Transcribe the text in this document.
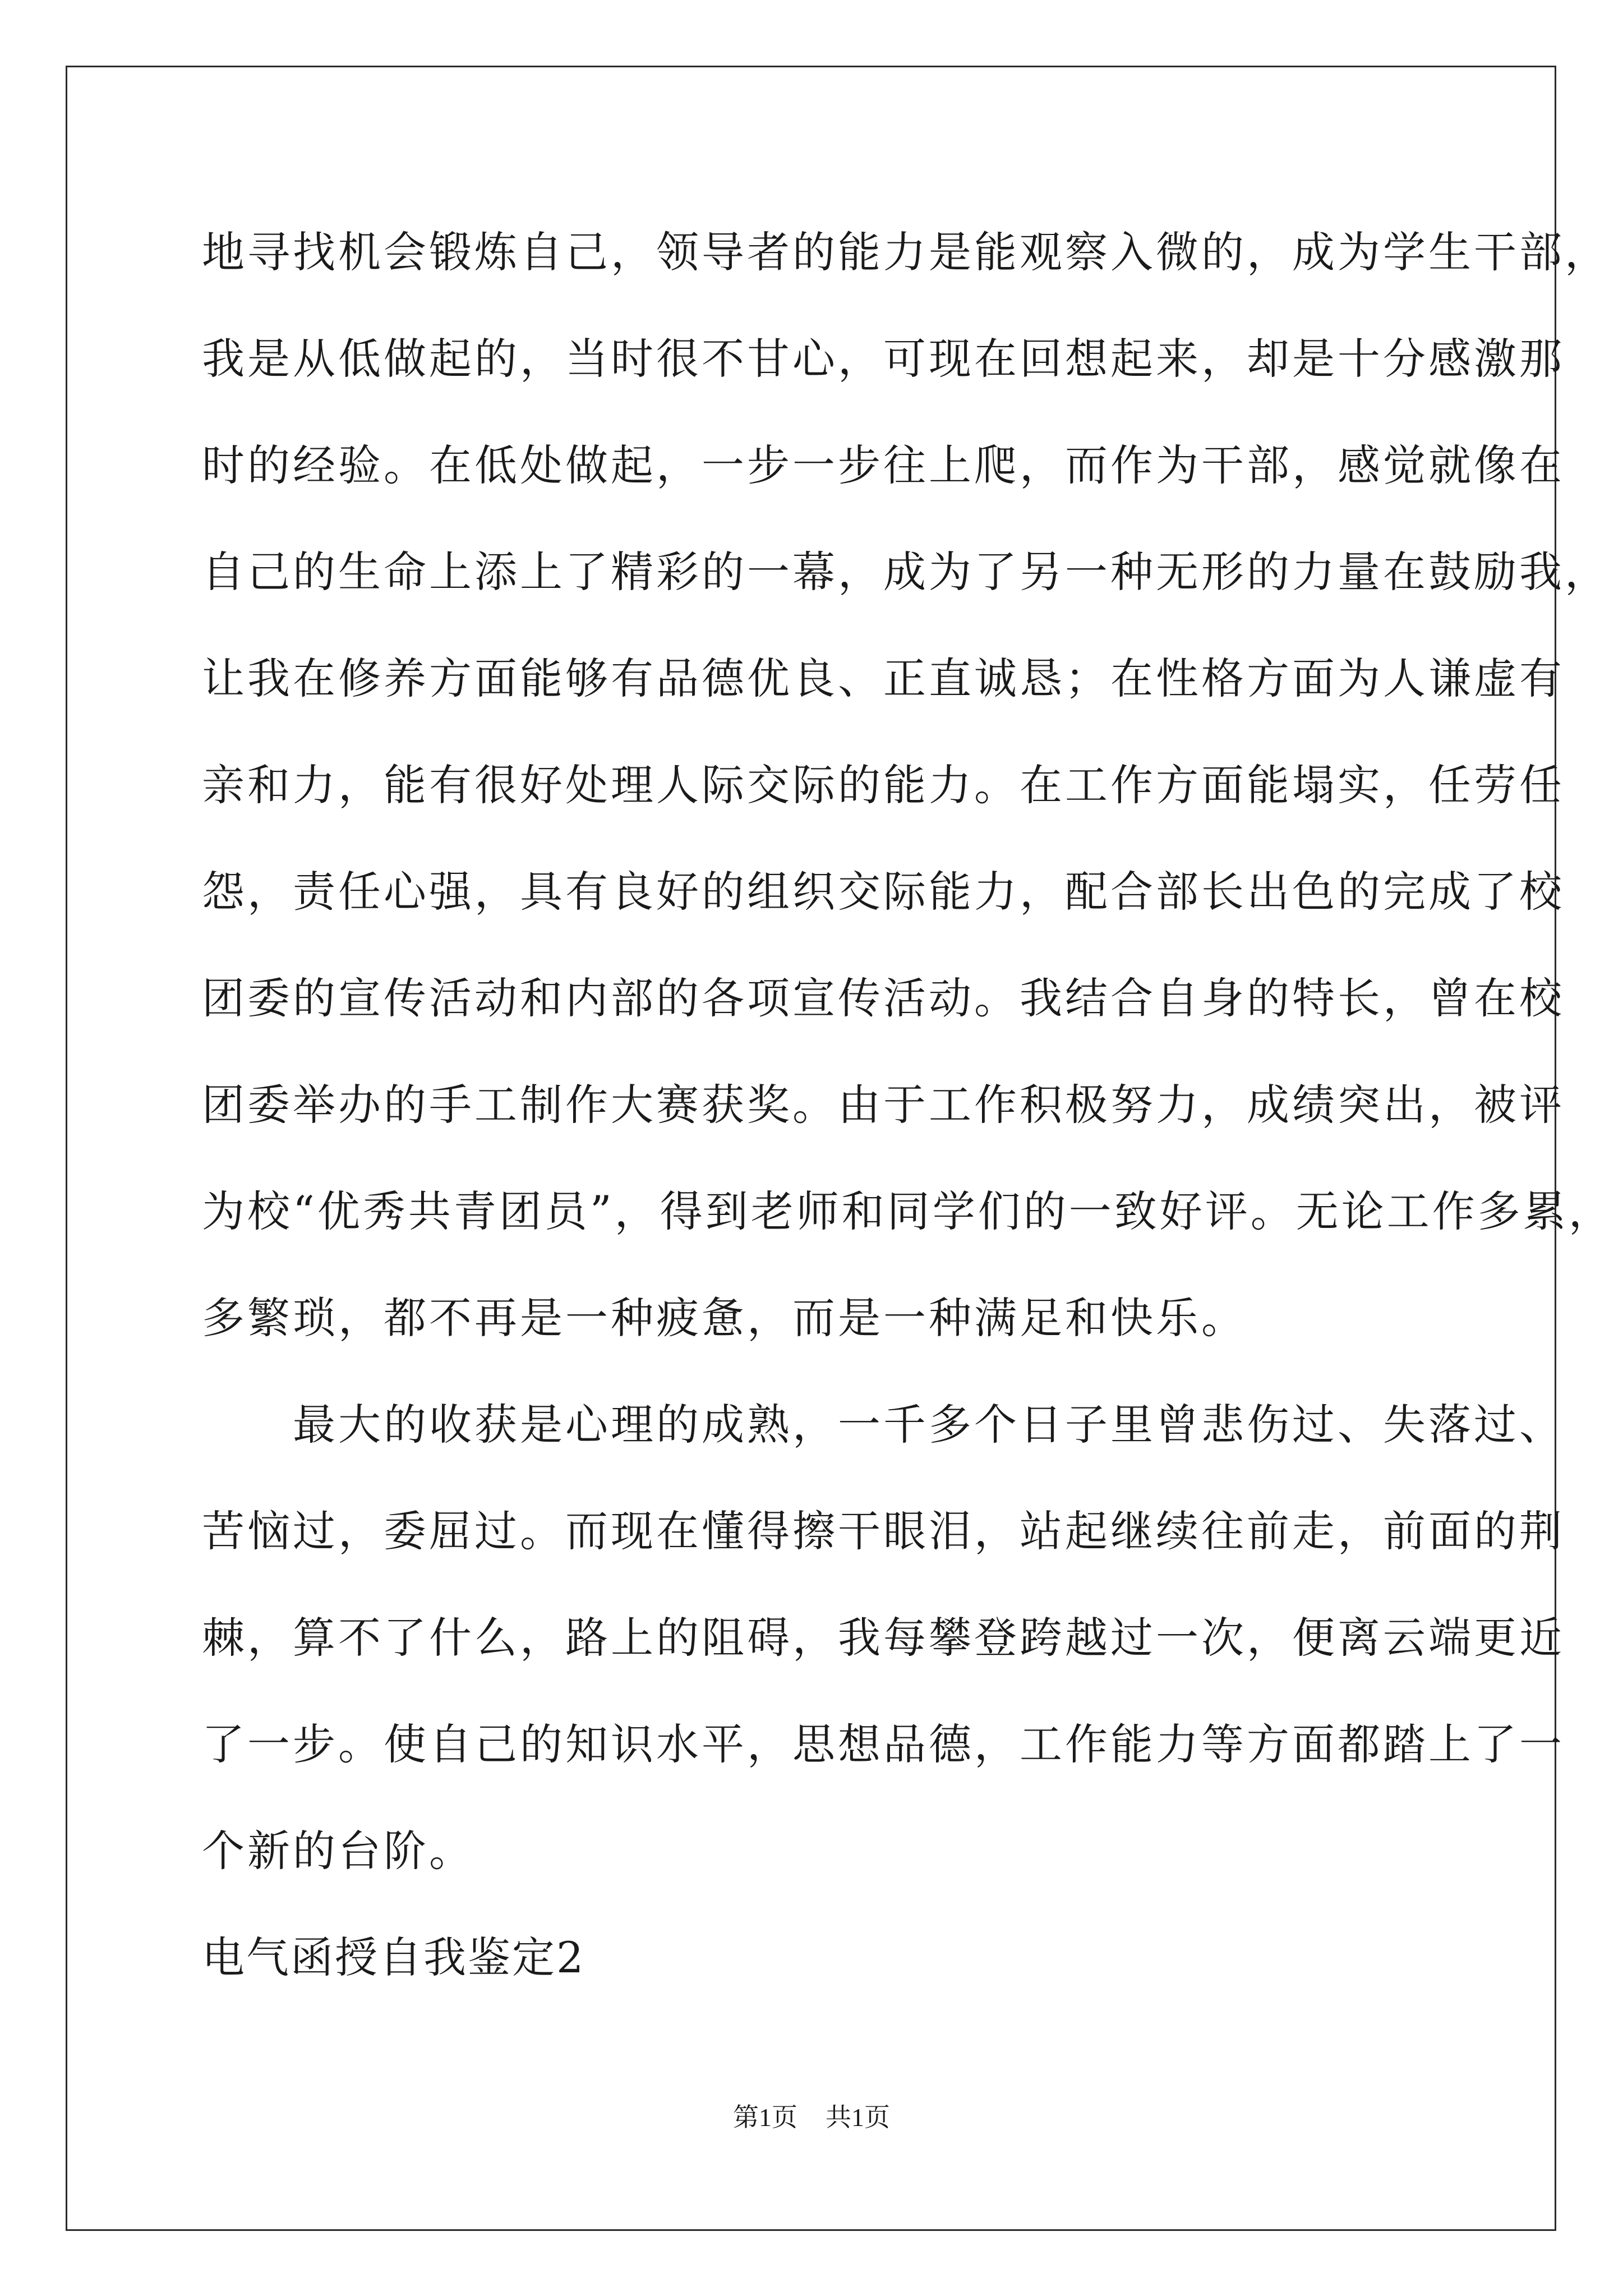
地寻找机会锻炼自己，领导者的能力是能观察入微的，成为学生干部，
我是从低做起的，当时很不甘心，可现在回想起来，却是十分感激那
时的经验。在低处做起，一步一步往上爬，而作为干部，感觉就像在
自己的生命上添上了精彩的一幕，成为了另一种无形的力量在鼓励我，
让我在修养方面能够有品德优良、正直诚恳；在性格方面为人谦虚有
亲和力，能有很好处理人际交际的能力。在工作方面能塌实，任劳任
怨，责任心强，具有良好的组织交际能力，配合部长出色的完成了校
团委的宣传活动和内部的各项宣传活动。我结合自身的特长，曾在校
团委举办的手工制作大赛获奖。由于工作积极努力，成绩突出，被评
为校“优秀共青团员”，得到老师和同学们的一致好评。无论工作多累，
多繁琐，都不再是一种疲惫，而是一种满足和快乐。
　　最大的收获是心理的成熟，一千多个日子里曾悲伤过、失落过、
苦恼过，委屈过。而现在懂得擦干眼泪，站起继续往前走，前面的荆
棘，算不了什么，路上的阻碍，我每攀登跨越过一次，便离云端更近
了一步。使自己的知识水平，思想品德，工作能力等方面都踏上了一
个新的台阶。
电气函授自我鉴定2
第1页 共1页
